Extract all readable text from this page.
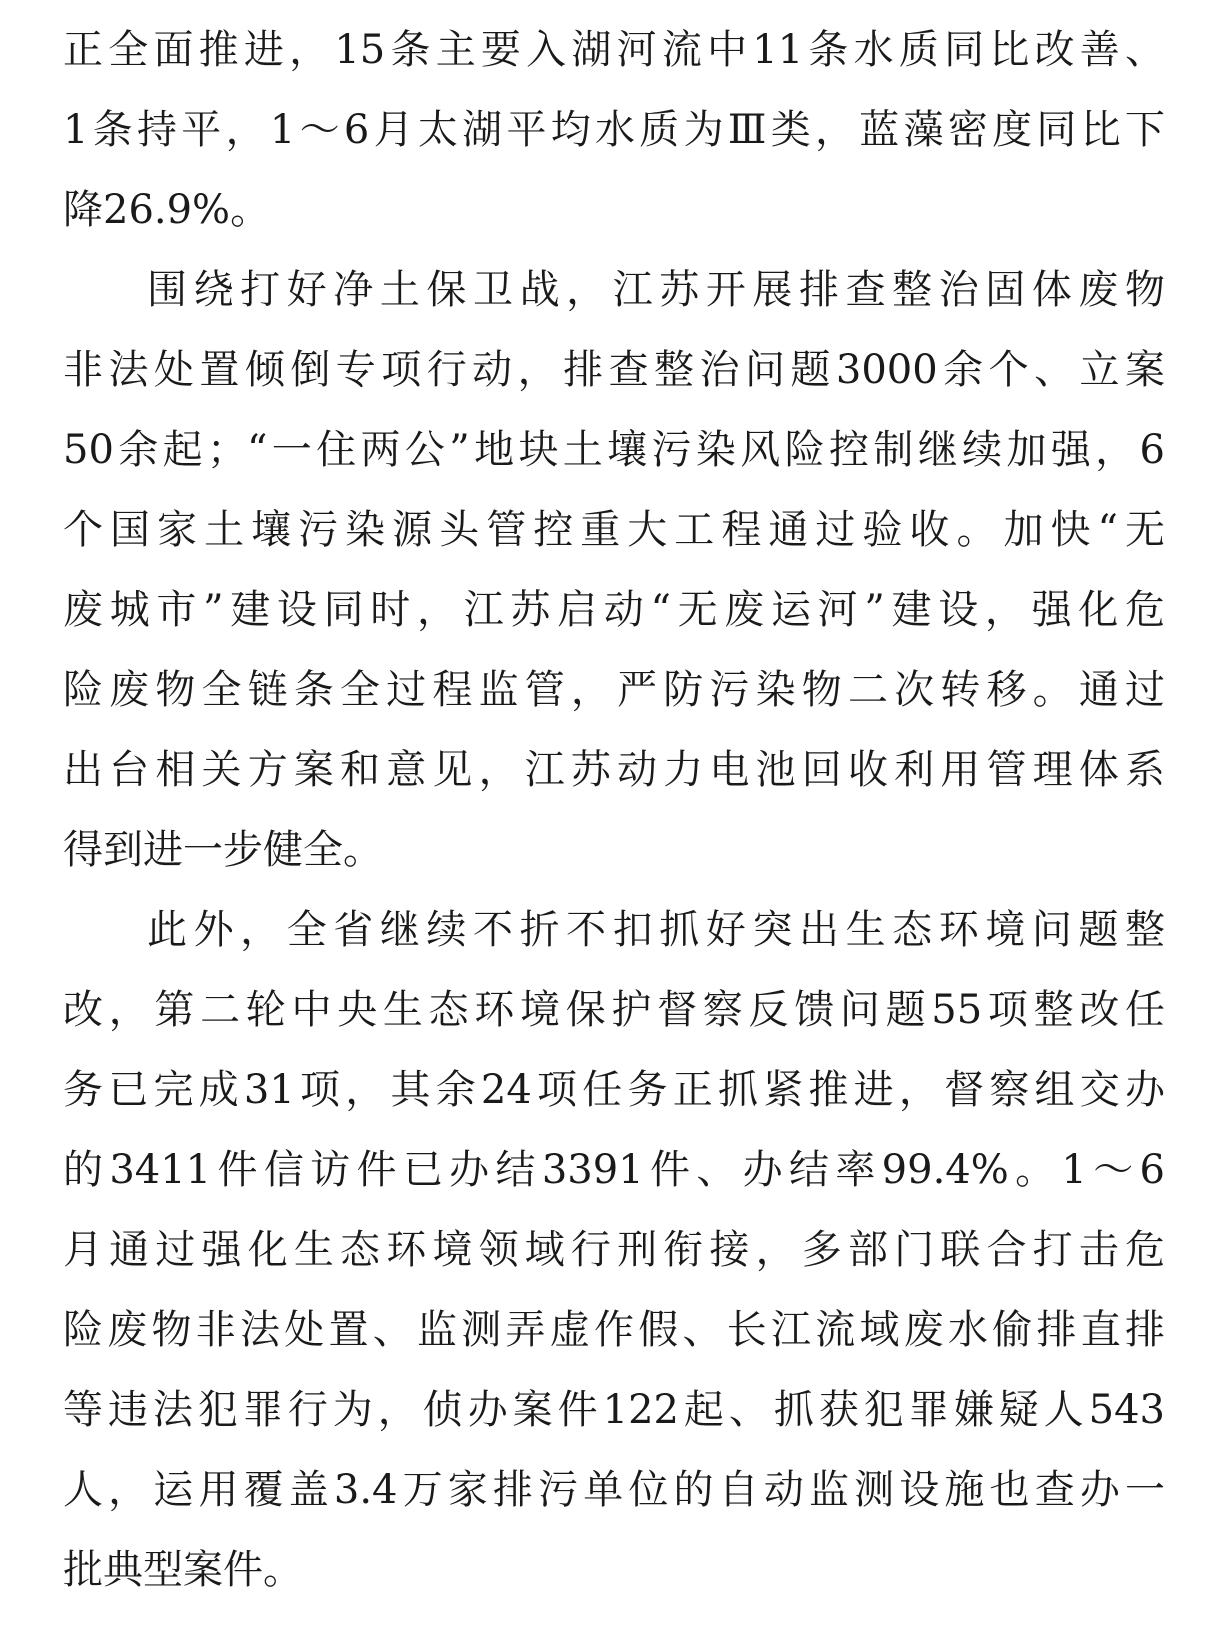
正全面推进，15条主要入湖河流中11条水质同比改善、
1条持平，1～6月太湖平均水质为Ⅲ类，蓝藻密度同比下
降26.9%。
围绕打好净土保卫战，江苏开展排查整治固体废物
非法处置倾倒专项行动，排查整治问题3000余个、立案
50余起；“一住两公”地块土壤污染风险控制继续加强，6
个国家土壤污染源头管控重大工程通过验收。加快“无
废城市”建设同时，江苏启动“无废运河”建设，强化危
险废物全链条全过程监管，严防污染物二次转移。通过
出台相关方案和意见，江苏动力电池回收利用管理体系
得到进一步健全。
此外，全省继续不折不扣抓好突出生态环境问题整
改，第二轮中央生态环境保护督察反馈问题55项整改任
务已完成31项，其余24项任务正抓紧推进，督察组交办
的3411件信访件已办结3391件、办结率99.4%。1～6
月通过强化生态环境领域行刑衔接，多部门联合打击危
险废物非法处置、监测弄虚作假、长江流域废水偷排直排
等违法犯罪行为，侦办案件122起、抓获犯罪嫌疑人543
人，运用覆盖3.4万家排污单位的自动监测设施也查办一
批典型案件。
